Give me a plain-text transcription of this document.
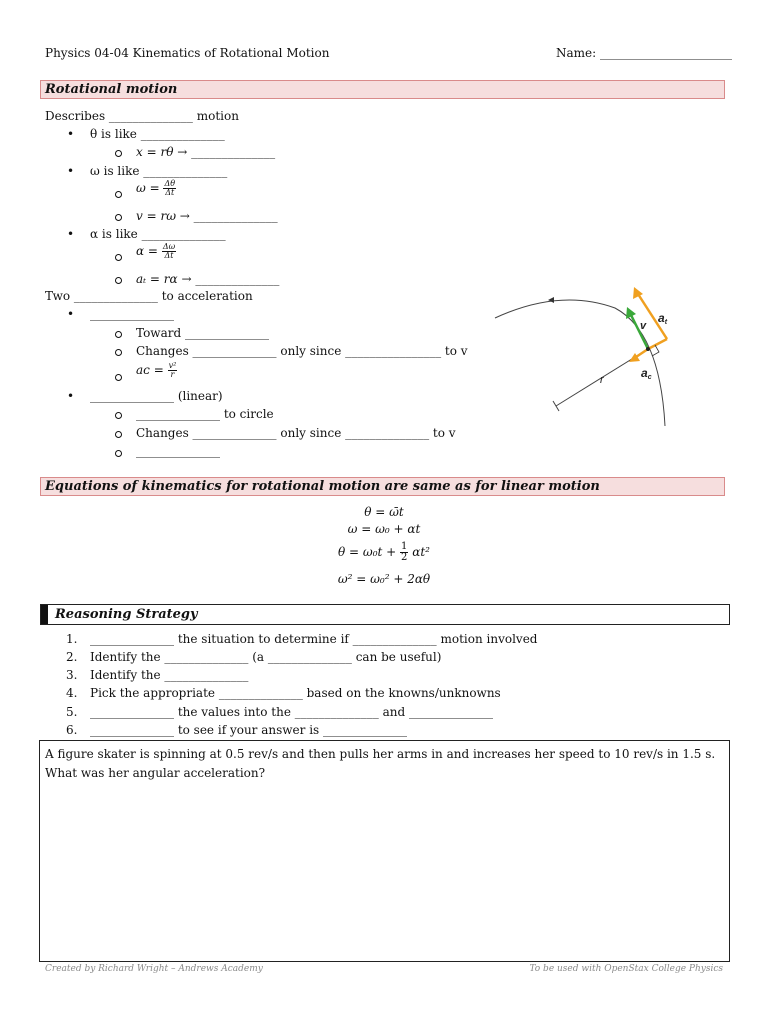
Physics 04-04 Kinematics of Rotational Motion	Name: ______________________
Rotational motion
Describes ______________ motion
• θ is like ______________
x = rθ → ______________
• ω is like ______________
$\omega = \frac{\Delta\theta}{\Delta t}$
v = rω → ______________
• α is like ______________
$\alpha = \frac{\Delta\omega}{\Delta t}$
aₜ = rα → ______________
Two ______________ to acceleration
• ______________
Toward ______________
Changes ______________ only since ________________ to v
aᴄ = $\frac{\text{v²}}{r}$
• ______________ (linear)
______________ to circle
Changes ______________ only since ______________ to v
______________
at
v
ac
r
Equations of kinematics for rotational motion are same as for linear motion
θ = ω̄t
ω = ω₀ + αt
$\theta = \omega_0t + \frac{1}{2} \alpha t^2$
ω² = ω₀² + 2αθ
Reasoning Strategy
1. ______________ the situation to determine if ______________ motion involved
2. Identify the ______________ (a ______________ can be useful)
3. Identify the ______________
4. Pick the appropriate ______________ based on the knowns/unknowns
5. ______________ the values into the ______________ and ______________
6. ______________ to see if your answer is ______________

A figure skater is spinning at 0.5 rev/s and then pulls her arms in and increases her speed to 10 rev/s in 1.5 s. What was her angular acceleration?

Created by Richard Wright – Andrews Academy	To be used with OpenStax College Physics
